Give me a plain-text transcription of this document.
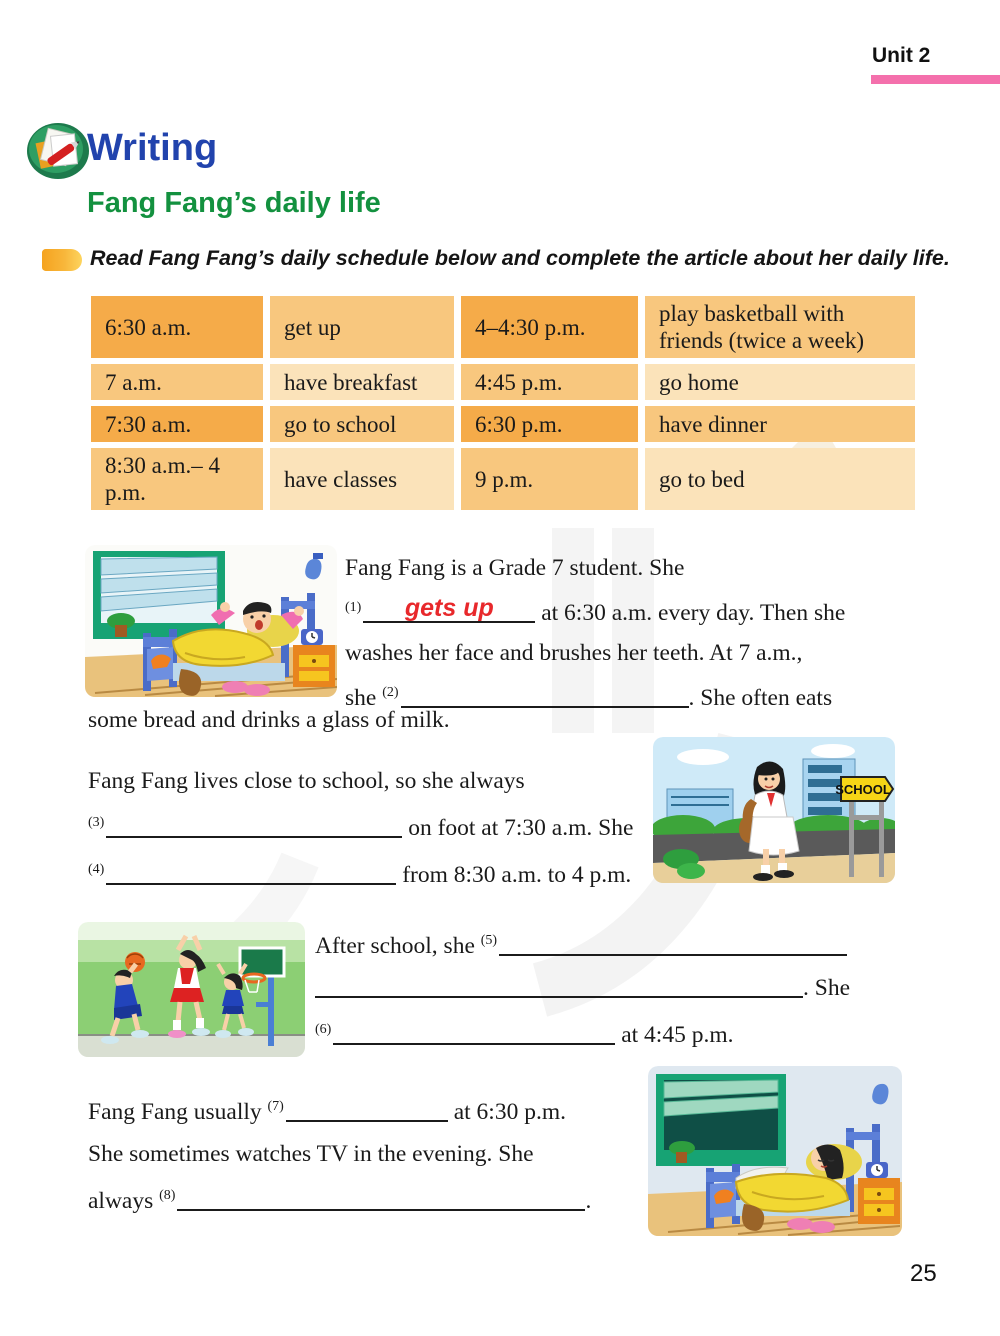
Unit 2
Writing
Fang Fang’s daily life
Read Fang Fang’s daily schedule below and complete the article about her daily life.
6:30 a.m.	get up	4–4:30 p.m.	play basketball with friends (twice a week)
7 a.m.	have breakfast	4:45 p.m.	go home
7:30 a.m.	go to school	6:30 p.m.	have dinner
8:30 a.m.– 4 p.m.	have classes	9 p.m.	go to bed
SCHOOL
Fang Fang is a Grade 7 student. She
$^{(1)}$	gets up	at 6:30 a.m. every day. Then she
washes her face and brushes her teeth. At 7 a.m.,
she $^{(2)}$	. She often eats
some bread and drinks a glass of milk.
Fang Fang lives close to school, so she always
$^{(3)}$	on foot at 7:30 a.m. She
$^{(4)}$	from 8:30 a.m. to 4 p.m.
After school, she $^{(5)}$
. She
$^{(6)}$	at 4:45 p.m.
Fang Fang usually $^{(7)}$	at 6:30 p.m.
She sometimes watches TV in the evening. She
always $^{(8)}$	.
25
